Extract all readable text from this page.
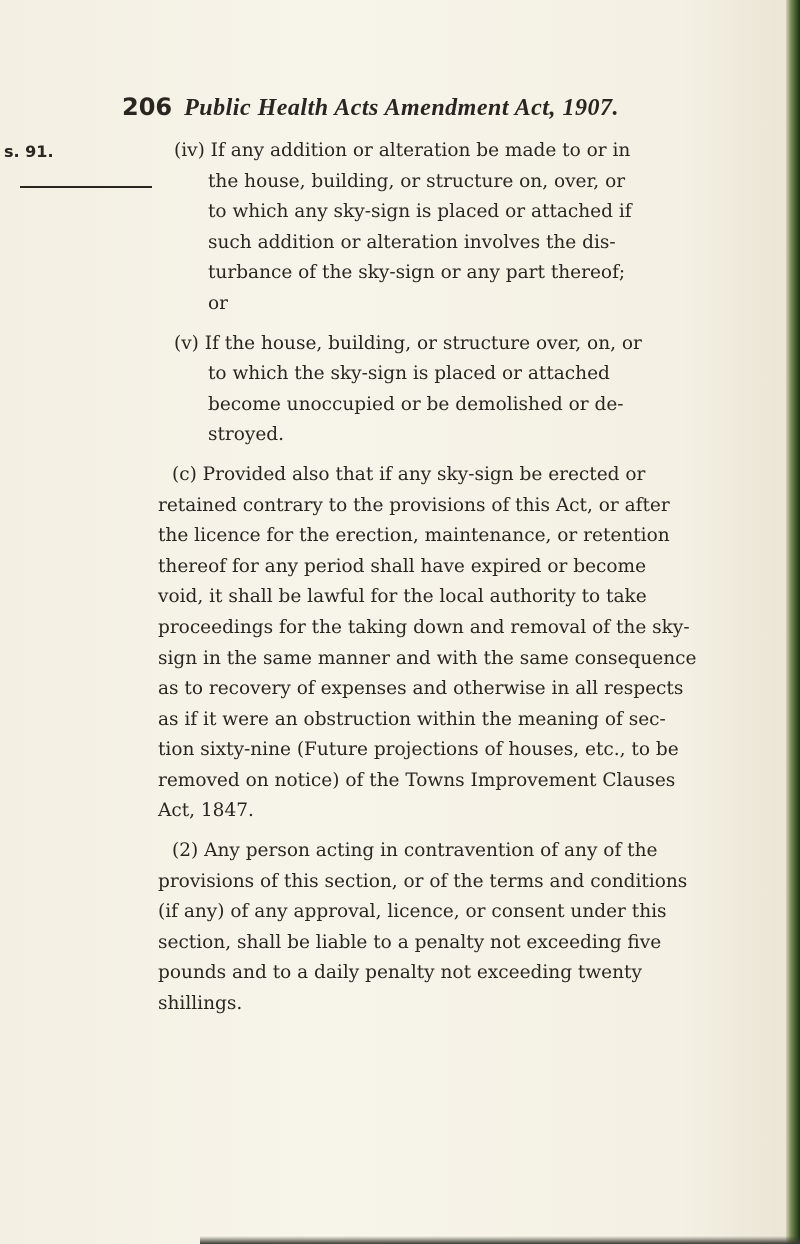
206 Public Health Acts Amendment Act, 1907.
s. 91.	(iv) If any addition or alteration be made to or in
the house, building, or structure on, over, or
to which any sky-sign is placed or attached if
such addition or alteration involves the dis-
turbance of the sky-sign or any part thereof;
or
(v) If the house, building, or structure over, on, or
to which the sky-sign is placed or attached
become unoccupied or be demolished or de-
stroyed.
(c) Provided also that if any sky-sign be erected or
retained contrary to the provisions of this Act, or after
the licence for the erection, maintenance, or retention
thereof for any period shall have expired or become
void, it shall be lawful for the local authority to take
proceedings for the taking down and removal of the sky-
sign in the same manner and with the same consequence
as to recovery of expenses and otherwise in all respects
as if it were an obstruction within the meaning of sec-
tion sixty-nine (Future projections of houses, etc., to be
removed on notice) of the Towns Improvement Clauses
Act, 1847.
(2) Any person acting in contravention of any of the
provisions of this section, or of the terms and conditions
(if any) of any approval, licence, or consent under this
section, shall be liable to a penalty not exceeding five
pounds and to a daily penalty not exceeding twenty
shillings.
